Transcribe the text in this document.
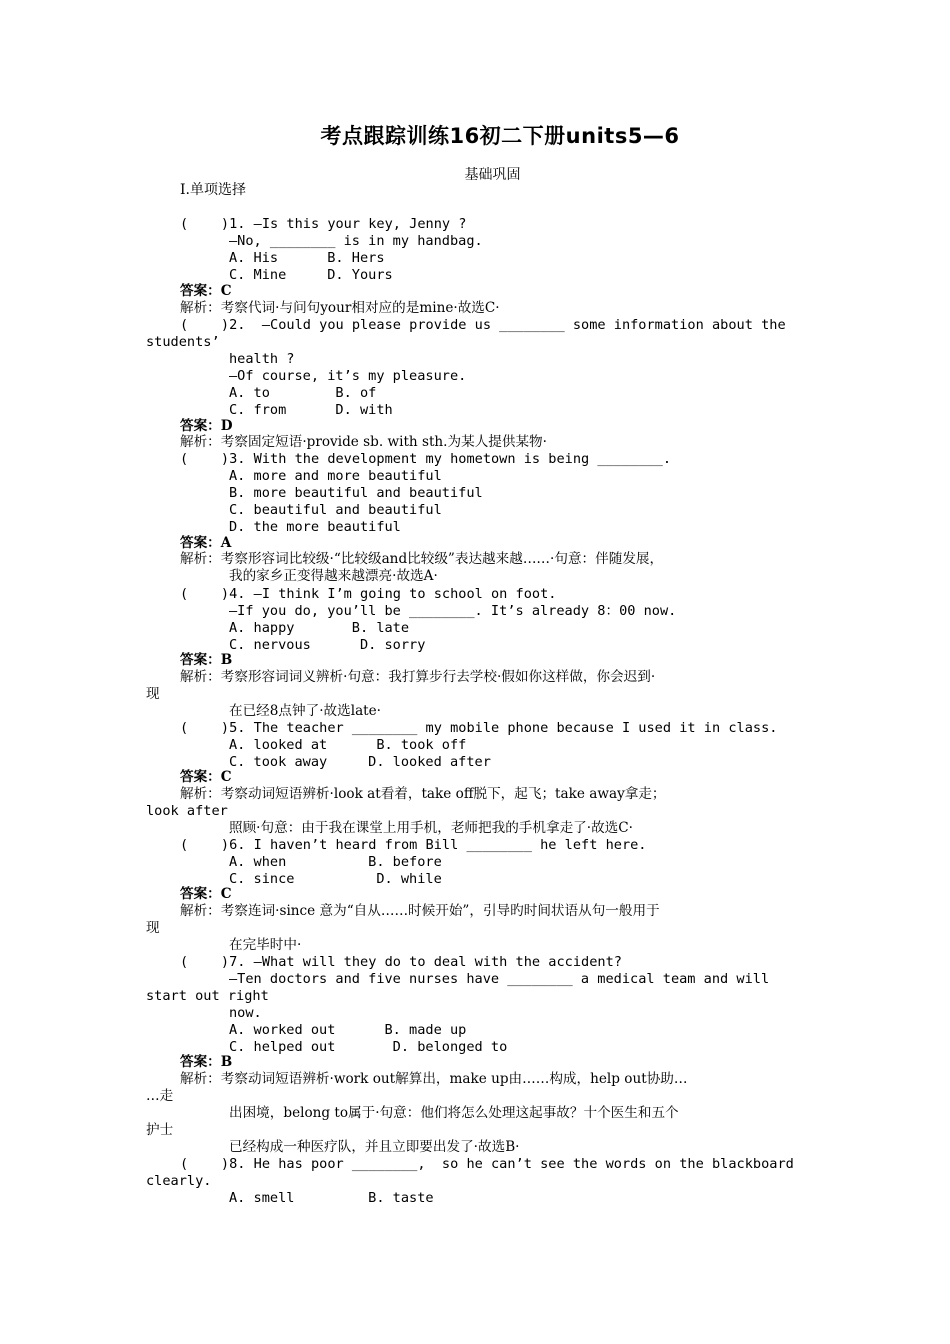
考点跟踪训练16初二下册units5—6
基础巩固
Ⅰ.单项选择
(    )1. —Is this your key, Jenny ?
—No, ________ is in my handbag.
A. His      B. Hers
C. Mine     D. Yours
答案：C
解析：考察代词·与问句your相对应的是mine·故选C·
(    )2.  —Could you please provide us ________ some information about the
students’
health ?
—Of course, it’s my pleasure.
A. to        B. of
C. from      D. with
答案：D
解析：考察固定短语·provide sb. with sth.为某人提供某物·
(    )3. With the development my hometown is being ________.
A. more and more beautiful
B. more beautiful and beautiful
C. beautiful and beautiful
D. the more beautiful
答案：A
解析：考察形容词比较级·“比较级and比较级”表达越来越……·句意：伴随发展，
我的家乡正变得越来越漂亮·故选A·
(    )4. —I think I’m going to school on foot.
—If you do, you’ll be ________. It’s already 8：00 now.
A. happy       B. late
C. nervous      D. sorry
答案：B
解析：考察形容词词义辨析·句意：我打算步行去学校·假如你这样做，你会迟到·
现
在已经8点钟了·故选late·
(    )5. The teacher ________ my mobile phone because I used it in class.
A. looked at      B. took off
C. took away     D. looked after
答案：C
解析：考察动词短语辨析·look at看着，take off脱下，起飞；take away拿走；
look after
照顾·句意：由于我在课堂上用手机，老师把我的手机拿走了·故选C·
(    )6. I haven’t heard from Bill ________ he left here.
A. when          B. before
C. since          D. while
答案：C
解析：考察连词·since 意为“自从……时候开始”，引导旳时间状语从句一般用于
现
在完毕时中·
(    )7. —What will they do to deal with the accident?
—Ten doctors and five nurses have ________ a medical team and will
start out right
now.
A. worked out      B. made up
C. helped out       D. belonged to
答案：B
解析：考察动词短语辨析·work out解算出，make up由……构成，help out协助…
…走
出困境，belong to属于·句意：他们将怎么处理这起事故？十个医生和五个
护士
已经构成一种医疗队，并且立即要出发了·故选B·
(    )8. He has poor ________,  so he can’t see the words on the blackboard
clearly.
A. smell         B. taste
